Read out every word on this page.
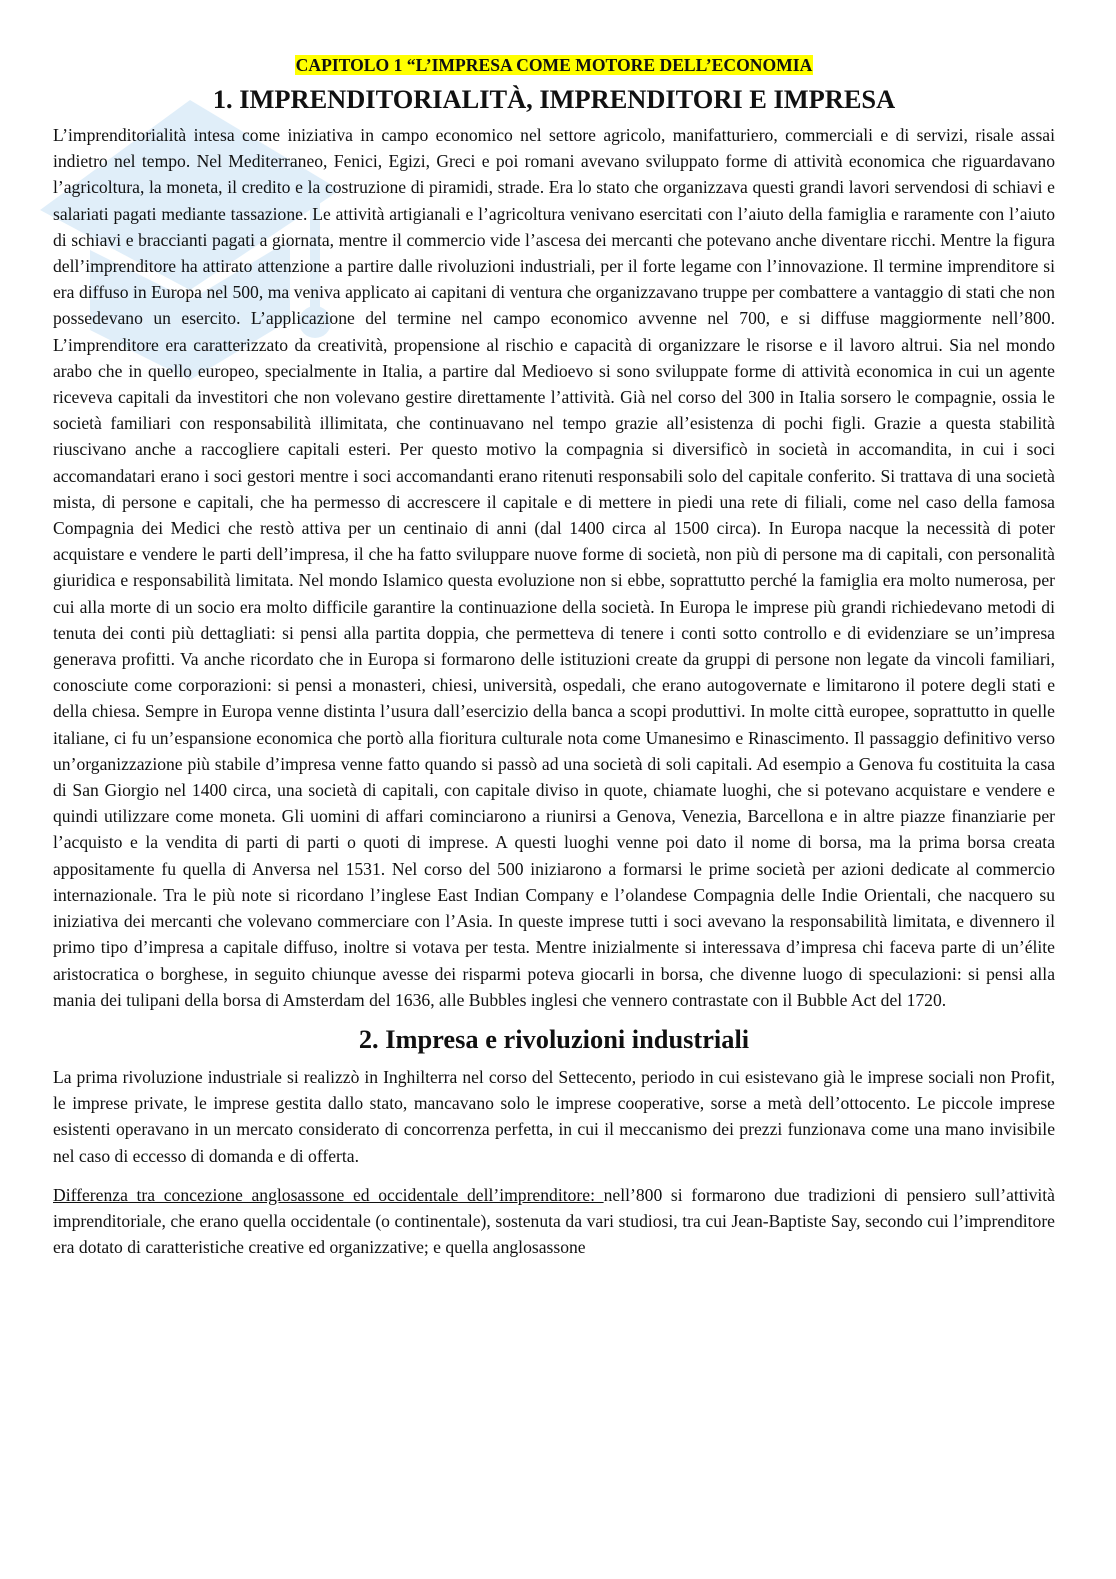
CAPITOLO 1 “L’IMPRESA COME MOTORE DELL’ECONOMIA
1. IMPRENDITORIALITÀ, IMPRENDITORI E IMPRESA

L’imprenditorialità intesa come iniziativa in campo economico nel settore agricolo, manifatturiero, commerciali e di servizi, risale assai indietro nel tempo. Nel Mediterraneo, Fenici, Egizi, Greci e poi romani avevano sviluppato forme di attività economica che riguardavano l’agricoltura, la moneta, il credito e la costruzione di piramidi, strade. Era lo stato che organizzava questi grandi lavori servendosi di schiavi e salariati pagati mediante tassazione. Le attività artigianali e l’agricoltura venivano esercitati con l’aiuto della famiglia e raramente con l’aiuto di schiavi e braccianti pagati a giornata, mentre il commercio vide l’ascesa dei mercanti che potevano anche diventare ricchi. Mentre la figura dell’imprenditore ha attirato attenzione a partire dalle rivoluzioni industriali, per il forte legame con l’innovazione. Il termine imprenditore si era diffuso in Europa nel 500, ma veniva applicato ai capitani di ventura che organizzavano truppe per combattere a vantaggio di stati che non possedevano un esercito. L’applicazione del termine nel campo economico avvenne nel 700, e si diffuse maggiormente nell’800. L’imprenditore era caratterizzato da creatività, propensione al rischio e capacità di organizzare le risorse e il lavoro altrui. Sia nel mondo arabo che in quello europeo, specialmente in Italia, a partire dal Medioevo si sono sviluppate forme di attività economica in cui un agente riceveva capitali da investitori che non volevano gestire direttamente l’attività. Già nel corso del 300 in Italia sorsero le compagnie, ossia le società familiari con responsabilità illimitata, che continuavano nel tempo grazie all’esistenza di pochi figli. Grazie a questa stabilità riuscivano anche a raccogliere capitali esteri. Per questo motivo la compagnia si diversificò in società in accomandita, in cui i soci accomandatari erano i soci gestori mentre i soci accomandanti erano ritenuti responsabili solo del capitale conferito. Si trattava di una società mista, di persone e capitali, che ha permesso di accrescere il capitale e di mettere in piedi una rete di filiali, come nel caso della famosa Compagnia dei Medici che restò attiva per un centinaio di anni (dal 1400 circa al 1500 circa). In Europa nacque la necessità di poter acquistare e vendere le parti dell’impresa, il che ha fatto sviluppare nuove forme di società, non più di persone ma di capitali, con personalità giuridica e responsabilità limitata. Nel mondo Islamico questa evoluzione non si ebbe, soprattutto perché la famiglia era molto numerosa, per cui alla morte di un socio era molto difficile garantire la continuazione della società. In Europa le imprese più grandi richiedevano metodi di tenuta dei conti più dettagliati: si pensi alla partita doppia, che permetteva di tenere i conti sotto controllo e di evidenziare se un’impresa generava profitti. Va anche ricordato che in Europa si formarono delle istituzioni create da gruppi di persone non legate da vincoli familiari, conosciute come corporazioni: si pensi a monasteri, chiesi, università, ospedali, che erano autogovernate e limitarono il potere degli stati e della chiesa. Sempre in Europa venne distinta l’usura dall’esercizio della banca a scopi produttivi. In molte città europee, soprattutto in quelle italiane, ci fu un’espansione economica che portò alla fioritura culturale nota come Umanesimo e Rinascimento. Il passaggio definitivo verso un’organizzazione più stabile d’impresa venne fatto quando si passò ad una società di soli capitali. Ad esempio a Genova fu costituita la casa di San Giorgio nel 1400 circa, una società di capitali, con capitale diviso in quote, chiamate luoghi, che si potevano acquistare e vendere e quindi utilizzare come moneta. Gli uomini di affari cominciarono a riunirsi a Genova, Venezia, Barcellona e in altre piazze finanziarie per l’acquisto e la vendita di parti di parti o quoti di imprese. A questi luoghi venne poi dato il nome di borsa, ma la prima borsa creata appositamente fu quella di Anversa nel 1531. Nel corso del 500 iniziarono a formarsi le prime società per azioni dedicate al commercio internazionale. Tra le più note si ricordano l’inglese East Indian Company e l’olandese Compagnia delle Indie Orientali, che nacquero su iniziativa dei mercanti che volevano commerciare con l’Asia. In queste imprese tutti i soci avevano la responsabilità limitata, e divennero il primo tipo d’impresa a capitale diffuso, inoltre si votava per testa. Mentre inizialmente si interessava d’impresa chi faceva parte di un’élite aristocratica o borghese, in seguito chiunque avesse dei risparmi poteva giocarli in borsa, che divenne luogo di speculazioni: si pensi alla mania dei tulipani della borsa di Amsterdam del 1636, alle Bubbles inglesi che vennero contrastate con il Bubble Act del 1720.

2. Impresa e rivoluzioni industriali

La prima rivoluzione industriale si realizzò in Inghilterra nel corso del Settecento, periodo in cui esistevano già le imprese sociali non Profit, le imprese private, le imprese gestita dallo stato, mancavano solo le imprese cooperative, sorse a metà dell’ottocento. Le piccole imprese esistenti operavano in un mercato considerato di concorrenza perfetta, in cui il meccanismo dei prezzi funzionava come una mano invisibile nel caso di eccesso di domanda e di offerta.

Differenza tra concezione anglosassone ed occidentale dell’imprenditore: nell’800 si formarono due tradizioni di pensiero sull’attività imprenditoriale, che erano quella occidentale (o continentale), sostenuta da vari studiosi, tra cui Jean-Baptiste Say, secondo cui l’imprenditore era dotato di caratteristiche creative ed organizzative; e quella anglosassone
